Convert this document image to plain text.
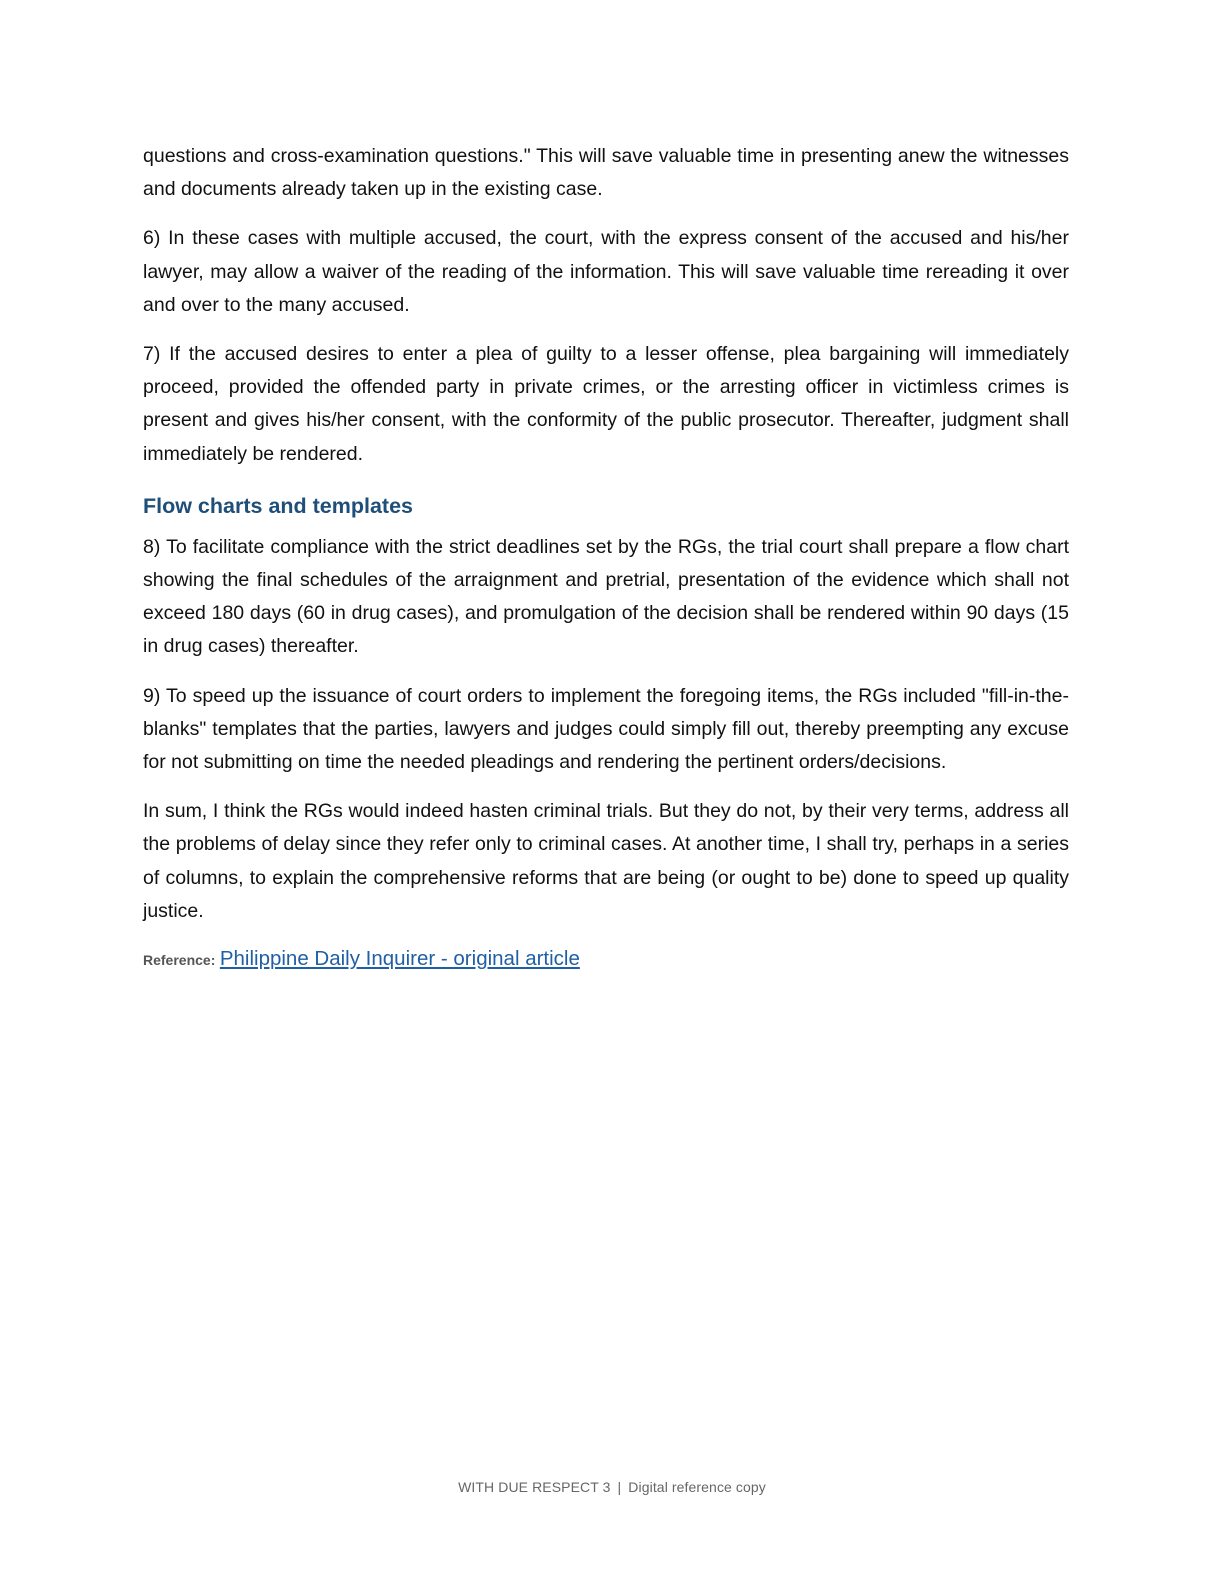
questions and cross-examination questions." This will save valuable time in presenting anew the witnesses and documents already taken up in the existing case.

6) In these cases with multiple accused, the court, with the express consent of the accused and his/her lawyer, may allow a waiver of the reading of the information. This will save valuable time rereading it over and over to the many accused.

7) If the accused desires to enter a plea of guilty to a lesser offense, plea bargaining will immediately proceed, provided the offended party in private crimes, or the arresting officer in victimless crimes is present and gives his/her consent, with the conformity of the public prosecutor. Thereafter, judgment shall immediately be rendered.

Flow charts and templates

8) To facilitate compliance with the strict deadlines set by the RGs, the trial court shall prepare a flow chart showing the final schedules of the arraignment and pretrial, presentation of the evidence which shall not exceed 180 days (60 in drug cases), and promulgation of the decision shall be rendered within 90 days (15 in drug cases) thereafter.

9) To speed up the issuance of court orders to implement the foregoing items, the RGs included "fill-in-the-blanks" templates that the parties, lawyers and judges could simply fill out, thereby preempting any excuse for not submitting on time the needed pleadings and rendering the pertinent orders/decisions.

In sum, I think the RGs would indeed hasten criminal trials. But they do not, by their very terms, address all the problems of delay since they refer only to criminal cases. At another time, I shall try, perhaps in a series of columns, to explain the comprehensive reforms that are being (or ought to be) done to speed up quality justice.

Reference: Philippine Daily Inquirer - original article
WITH DUE RESPECT 3 | Digital reference copy
